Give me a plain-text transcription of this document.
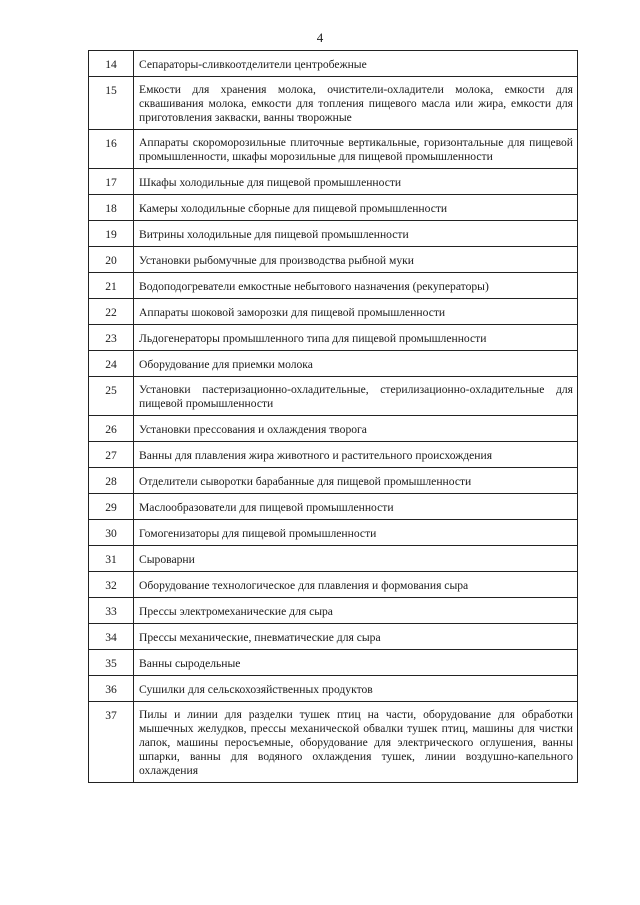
4
14	Сепараторы-сливкоотделители центробежные
15	Емкости для хранения молока, очистители-охладители молока, емкости для сквашивания молока, емкости для топления пищевого масла или жира, емкости для приготовления закваски, ванны творожные
16	Аппараты скороморозильные плиточные вертикальные, горизонтальные для пищевой промышленности, шкафы морозильные для пищевой промышленности
17	Шкафы холодильные для пищевой промышленности
18	Камеры холодильные сборные для пищевой промышленности
19	Витрины холодильные для пищевой промышленности
20	Установки рыбомучные для производства рыбной муки
21	Водоподогреватели емкостные небытового назначения (рекуператоры)
22	Аппараты шоковой заморозки для пищевой промышленности
23	Льдогенераторы промышленного типа для пищевой промышленности
24	Оборудование для приемки молока
25	Установки пастеризационно-охладительные, стерилизационно-охладительные для пищевой промышленности
26	Установки прессования и охлаждения творога
27	Ванны для плавления жира животного и растительного происхождения
28	Отделители сыворотки барабанные для пищевой промышленности
29	Маслообразователи для пищевой промышленности
30	Гомогенизаторы для пищевой промышленности
31	Сыроварни
32	Оборудование технологическое для плавления и формования сыра
33	Прессы электромеханические для сыра
34	Прессы механические, пневматические для сыра
35	Ванны сыродельные
36	Сушилки для сельскохозяйственных продуктов
37	Пилы и линии для разделки тушек птиц на части, оборудование для обработки мышечных желудков, прессы механической обвалки тушек птиц, машины для чистки лапок, машины перосъемные, оборудование для электрического оглушения, ванны шпарки, ванны для водяного охлаждения тушек, линии воздушно-капельного охлаждения
